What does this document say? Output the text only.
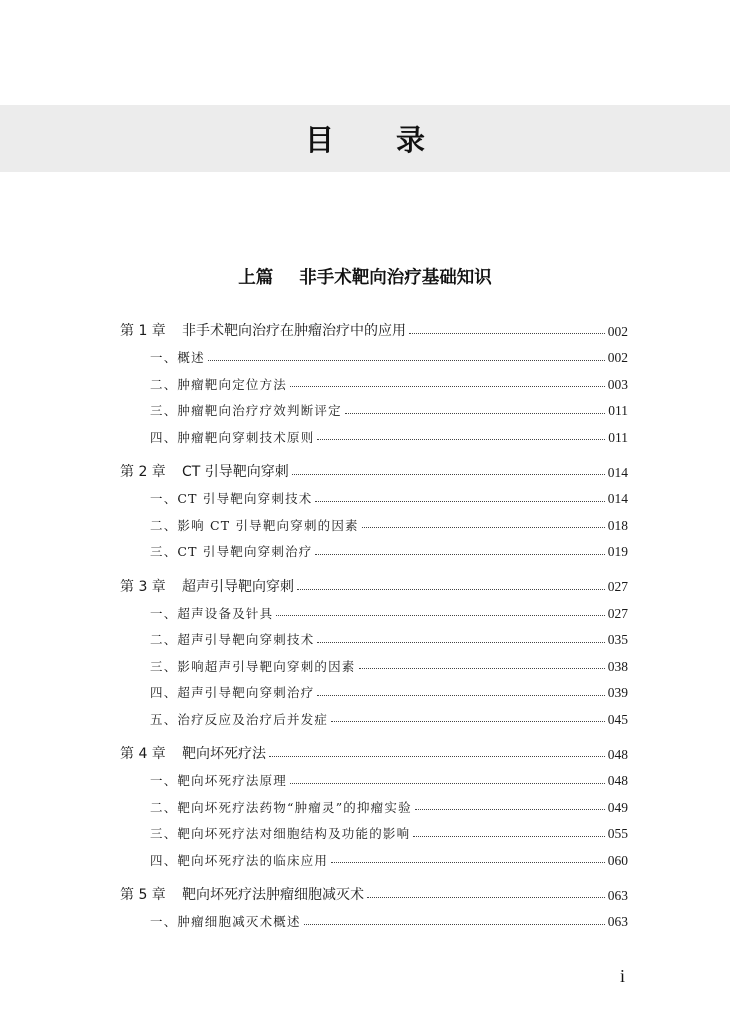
目 录
上篇 非手术靶向治疗基础知识
第 1 章 非手术靶向治疗在肿瘤治疗中的应用	002
一、概述	002
二、肿瘤靶向定位方法	003
三、肿瘤靶向治疗疗效判断评定	011
四、肿瘤靶向穿刺技术原则	011
第 2 章 CT 引导靶向穿刺	014
一、CT 引导靶向穿刺技术	014
二、影响 CT 引导靶向穿刺的因素	018
三、CT 引导靶向穿刺治疗	019
第 3 章 超声引导靶向穿刺	027
一、超声设备及针具	027
二、超声引导靶向穿刺技术	035
三、影响超声引导靶向穿刺的因素	038
四、超声引导靶向穿刺治疗	039
五、治疗反应及治疗后并发症	045
第 4 章 靶向坏死疗法	048
一、靶向坏死疗法原理	048
二、靶向坏死疗法药物“肿瘤灵”的抑瘤实验	049
三、靶向坏死疗法对细胞结构及功能的影响	055
四、靶向坏死疗法的临床应用	060
第 5 章 靶向坏死疗法肿瘤细胞减灭术	063
一、肿瘤细胞减灭术概述	063
i
